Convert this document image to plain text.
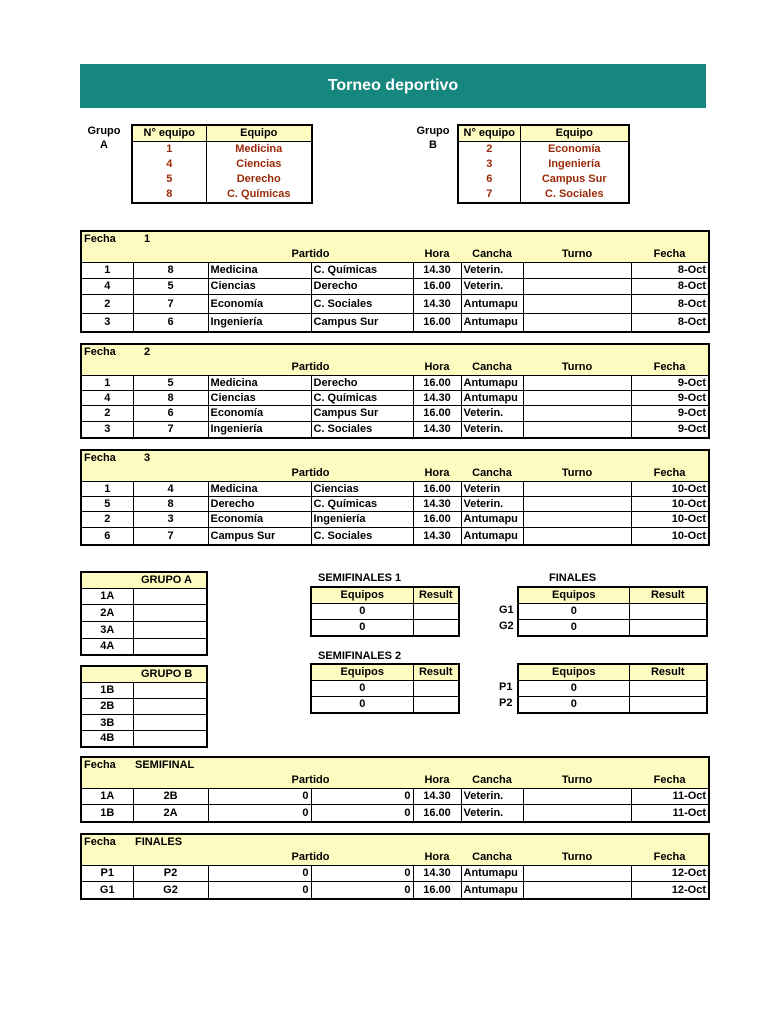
Torneo deportivo
Grupo
A
N° equipo	Equipo
1	Medicina
4	Ciencias
5	Derecho
8	C. Químicas
Grupo
B
N° equipo	Equipo
2	Economía
3	Ingeniería
6	Campus Sur
7	C. Sociales
Fecha	1						
		Partido		Hora	Cancha	Turno	Fecha
1	8	Medicina	C. Químicas	14.30	Veterin.		8-Oct
4	5	Ciencias	Derecho	16.00	Veterin.		8-Oct
2	7	Economía	C. Sociales	14.30	Antumapu		8-Oct
3	6	Ingeniería	Campus Sur	16.00	Antumapu		8-Oct
Fecha	2						
		Partido		Hora	Cancha	Turno	Fecha
1	5	Medicina	Derecho	16.00	Antumapu		9-Oct
4	8	Ciencias	C. Químicas	14.30	Antumapu		9-Oct
2	6	Economía	Campus Sur	16.00	Veterin.		9-Oct
3	7	Ingeniería	C. Sociales	14.30	Veterin.		9-Oct
Fecha	3						
		Partido		Hora	Cancha	Turno	Fecha
1	4	Medicina	Ciencias	16.00	Veterin		10-Oct
5	8	Derecho	C. Químicas	14.30	Veterin.		10-Oct
2	3	Economía	Ingeniería	16.00	Antumapu		10-Oct
6	7	Campus Sur	C. Sociales	14.30	Antumapu		10-Oct
	GRUPO A
1A	
2A	
3A	
4A	
	GRUPO B
1B	
2B	
3B	
4B	
SEMIFINALES 1
SEMIFINALES 2
FINALES
Equipos	Result
0	
0	
Equipos	Result
0	
0	
G1
G2
Equipos	Result
0	
0	
P1
P2
Equipos	Result
0	
0	
Fecha	SEMIFINAL						
		Partido		Hora	Cancha	Turno	Fecha
1A	2B	0	0	14.30	Veterin.		11-Oct
1B	2A	0	0	16.00	Veterin.		11-Oct
Fecha	FINALES						
		Partido		Hora	Cancha	Turno	Fecha
P1	P2	0	0	14.30	Antumapu		12-Oct
G1	G2	0	0	16.00	Antumapu		12-Oct
